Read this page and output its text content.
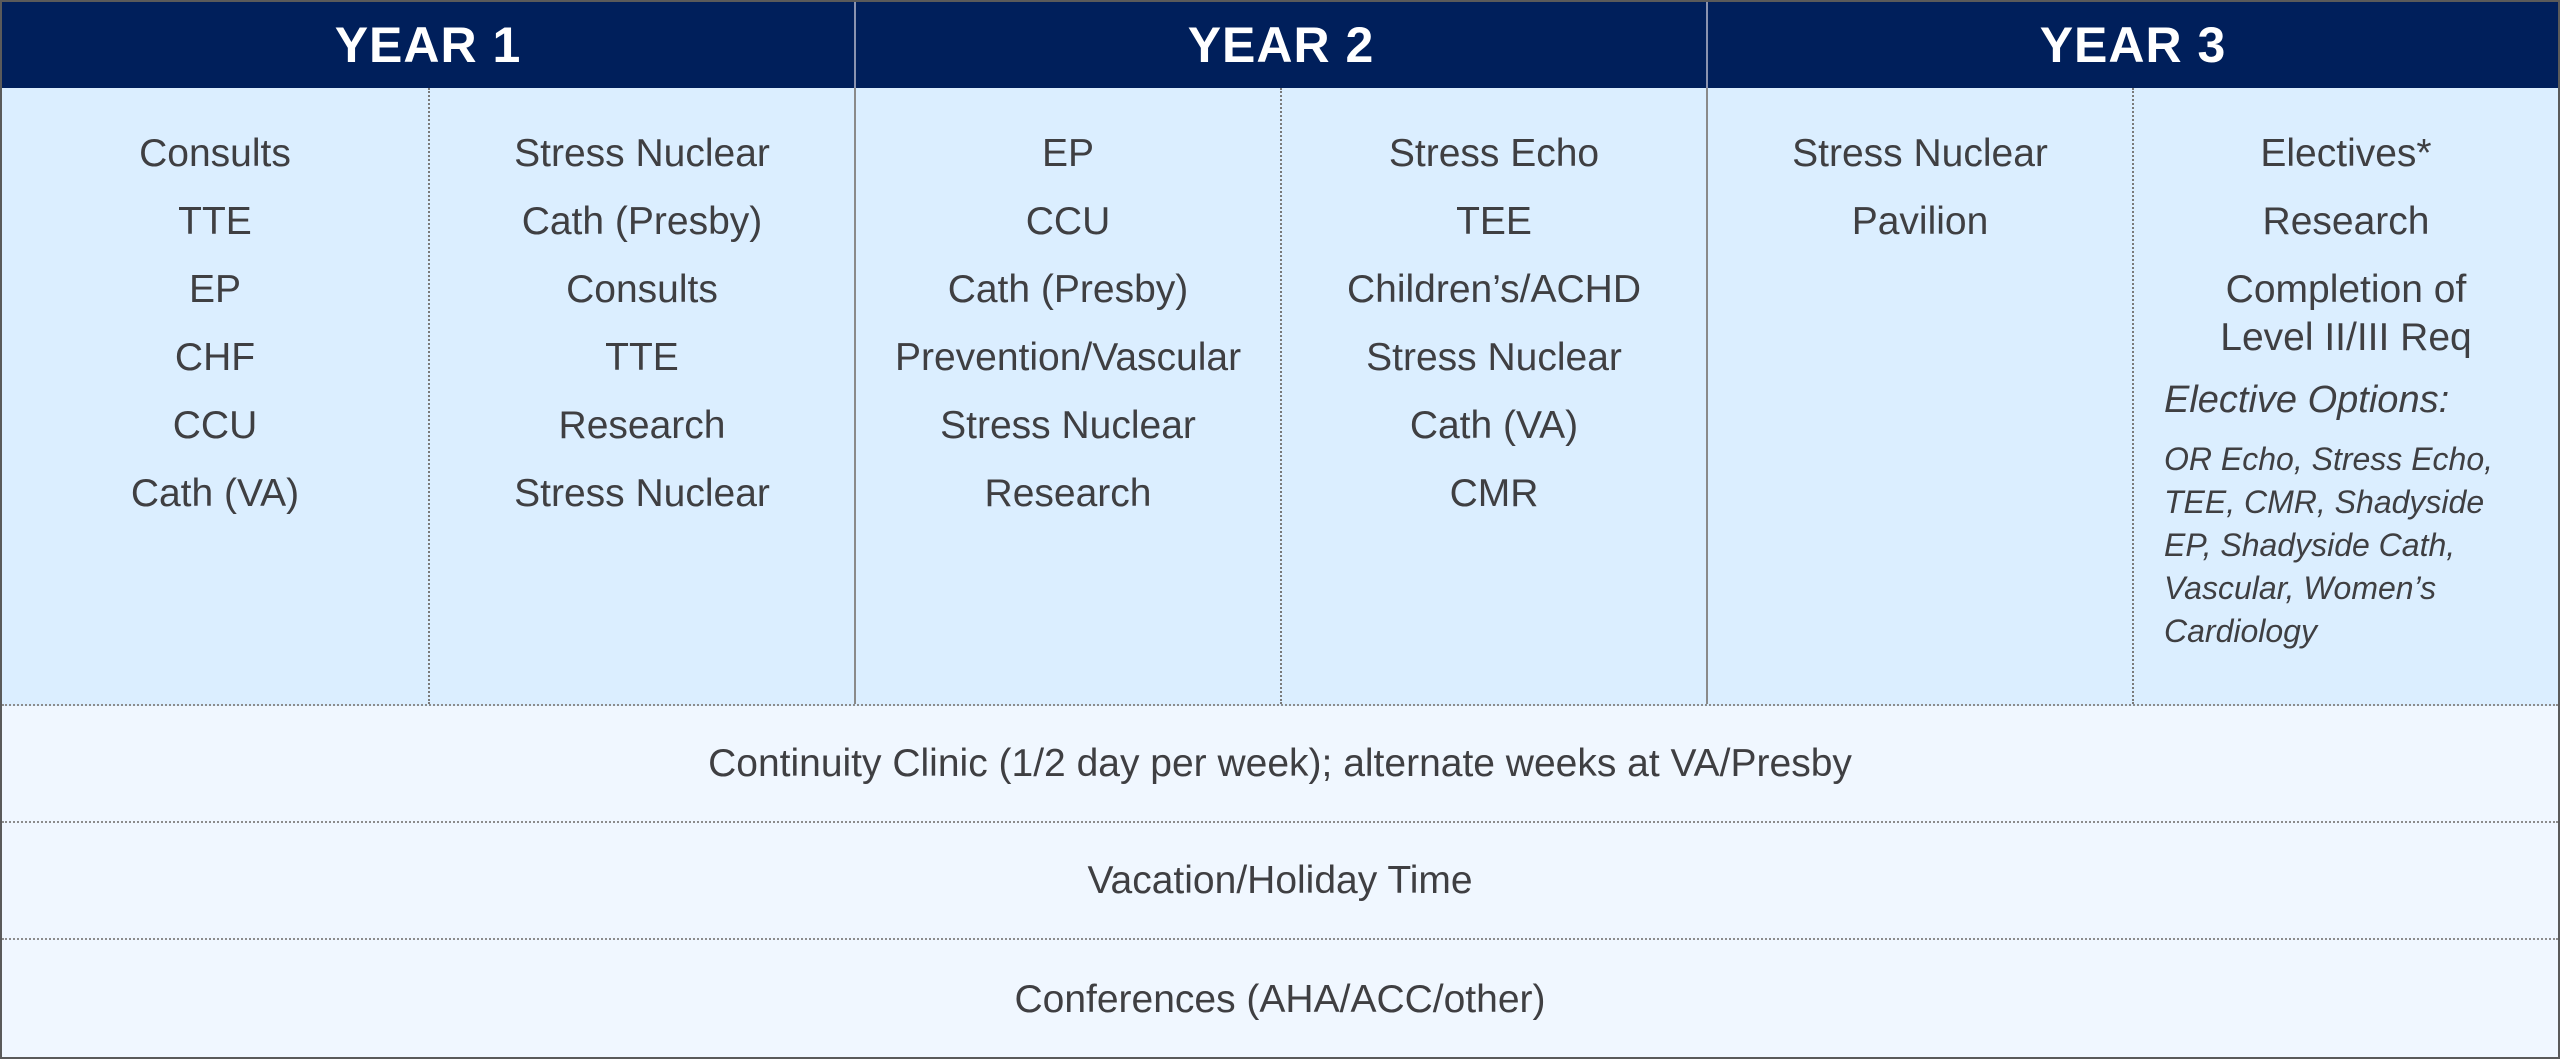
YEAR 1	YEAR 2	YEAR 3
Consults
TTE
EP
CHF
CCU
Cath (VA)
Stress Nuclear
Cath (Presby)
Consults
TTE
Research
Stress Nuclear
EP
CCU
Cath (Presby)
Prevention/Vascular
Stress Nuclear
Research
Stress Echo
TEE
Children’s/ACHD
Stress Nuclear
Cath (VA)
CMR
Stress Nuclear
Pavilion
Electives*
Research
Completion of Level II/III Req
Elective Options:
OR Echo, Stress Echo, TEE, CMR, Shadyside EP, Shadyside Cath, Vascular, Women’s Cardiology
Continuity Clinic (1/2 day per week); alternate weeks at VA/Presby
Vacation/Holiday Time
Conferences (AHA/ACC/other)
